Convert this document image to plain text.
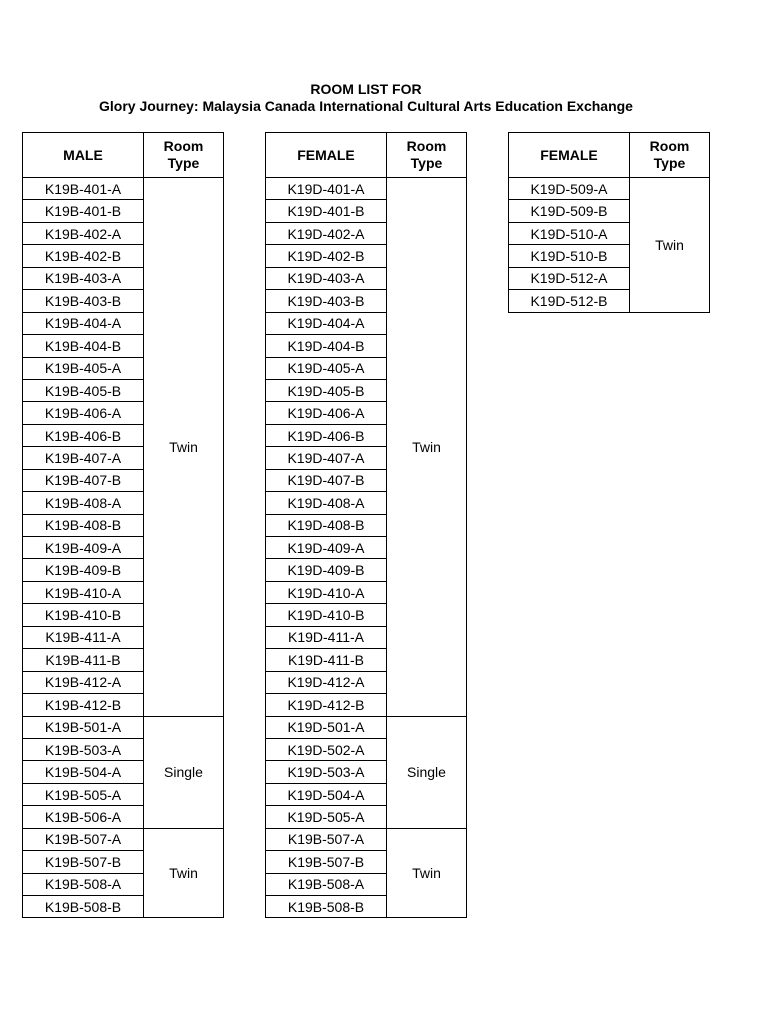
ROOM LIST FOR
Glory Journey: Malaysia Canada International Cultural Arts Education Exchange
MALE	Room
Type
K19B-401-A	Twin
K19B-401-B	
K19B-402-A	
K19B-402-B	
K19B-403-A	
K19B-403-B	
K19B-404-A	
K19B-404-B	
K19B-405-A	
K19B-405-B	
K19B-406-A	
K19B-406-B	
K19B-407-A	
K19B-407-B	
K19B-408-A	
K19B-408-B	
K19B-409-A	
K19B-409-B	
K19B-410-A	
K19B-410-B	
K19B-411-A	
K19B-411-B	
K19B-412-A	
K19B-412-B	
K19B-501-A	Single
K19B-503-A	
K19B-504-A	
K19B-505-A	
K19B-506-A	
K19B-507-A	Twin
K19B-507-B	
K19B-508-A	
K19B-508-B	
FEMALE	Room
Type
K19D-401-A	Twin
K19D-401-B	
K19D-402-A	
K19D-402-B	
K19D-403-A	
K19D-403-B	
K19D-404-A	
K19D-404-B	
K19D-405-A	
K19D-405-B	
K19D-406-A	
K19D-406-B	
K19D-407-A	
K19D-407-B	
K19D-408-A	
K19D-408-B	
K19D-409-A	
K19D-409-B	
K19D-410-A	
K19D-410-B	
K19D-411-A	
K19D-411-B	
K19D-412-A	
K19D-412-B	
K19D-501-A	Single
K19D-502-A	
K19D-503-A	
K19D-504-A	
K19D-505-A	
K19B-507-A	Twin
K19B-507-B	
K19B-508-A	
K19B-508-B	
FEMALE	Room
Type
K19D-509-A	Twin
K19D-509-B	
K19D-510-A	
K19D-510-B	
K19D-512-A	
K19D-512-B	
